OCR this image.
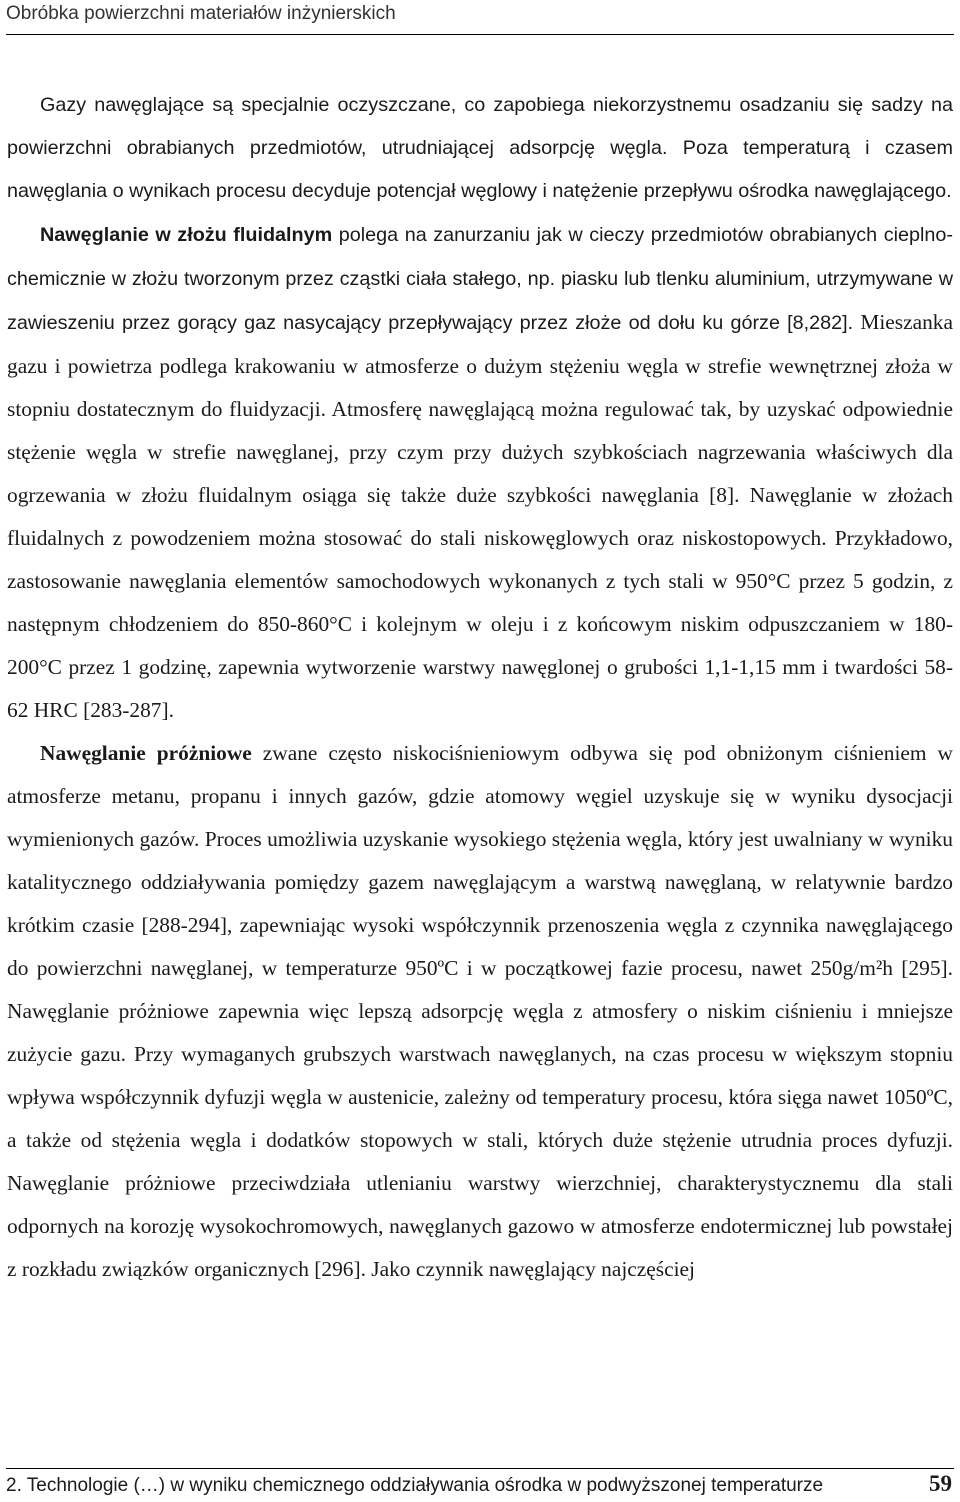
Obróbka powierzchni materiałów inżynierskich

Gazy nawęglające są specjalnie oczyszczane, co zapobiega niekorzystnemu osadzaniu się sadzy na powierzchni obrabianych przedmiotów, utrudniającej adsorpcję węgla. Poza temperaturą i czasem nawęglania o wynikach procesu decyduje potencjał węglowy i natężenie przepływu ośrodka nawęglającego.

Nawęglanie w złożu fluidalnym polega na zanurzaniu jak w cieczy przedmiotów obrabianych cieplno-chemicznie w złożu tworzonym przez cząstki ciała stałego, np. piasku lub tlenku aluminium, utrzymywane w zawieszeniu przez gorący gaz nasycający przepływający przez złoże od dołu ku górze [8,282]. Mieszanka gazu i powietrza podlega krakowaniu w atmosferze o dużym stężeniu węgla w strefie wewnętrznej złoża w stopniu dostatecznym do fluidyzacji. Atmosferę nawęglającą można regulować tak, by uzyskać odpowiednie stężenie węgla w strefie nawęglanej, przy czym przy dużych szybkościach nagrzewania właściwych dla ogrzewania w złożu fluidalnym osiąga się także duże szybkości nawęglania [8]. Nawęglanie w złożach fluidalnych z powodzeniem można stosować do stali niskowęglowych oraz niskostopowych. Przykładowo, zastosowanie nawęglania elementów samochodowych wykonanych z tych stali w 950°C przez 5 godzin, z następnym chłodzeniem do 850-860°C i kolejnym w oleju i z końcowym niskim odpuszczaniem w 180-200°C przez 1 godzinę, zapewnia wytworzenie warstwy nawęglonej o grubości 1,1-1,15 mm i twardości 58-62 HRC [283-287].

Nawęglanie próżniowe zwane często niskociśnieniowym odbywa się pod obniżonym ciśnieniem w atmosferze metanu, propanu i innych gazów, gdzie atomowy węgiel uzyskuje się w wyniku dysocjacji wymienionych gazów. Proces umożliwia uzyskanie wysokiego stężenia węgla, który jest uwalniany w wyniku katalitycznego oddziaływania pomiędzy gazem nawęglającym a warstwą nawęglaną, w relatywnie bardzo krótkim czasie [288-294], zapewniając wysoki współczynnik przenoszenia węgla z czynnika nawęglającego do powierzchni nawęglanej, w temperaturze 950ºC i w początkowej fazie procesu, nawet 250g/m²h [295]. Nawęglanie próżniowe zapewnia więc lepszą adsorpcję węgla z atmosfery o niskim ciśnieniu i mniejsze zużycie gazu. Przy wymaganych grubszych warstwach nawęglanych, na czas procesu w większym stopniu wpływa współczynnik dyfuzji węgla w austenicie, zależny od temperatury procesu, która sięga nawet 1050ºC, a także od stężenia węgla i dodatków stopowych w stali, których duże stężenie utrudnia proces dyfuzji. Nawęglanie próżniowe przeciwdziała utlenianiu warstwy wierzchniej, charakterystycznemu dla stali odpornych na korozję wysokochromowych, nawęglanych gazowo w atmosferze endotermicznej lub powstałej z rozkładu związków organicznych [296]. Jako czynnik nawęglający najczęściej

2. Technologie (…) w wyniku chemicznego oddziaływania ośrodka w podwyższonej temperaturze	59
